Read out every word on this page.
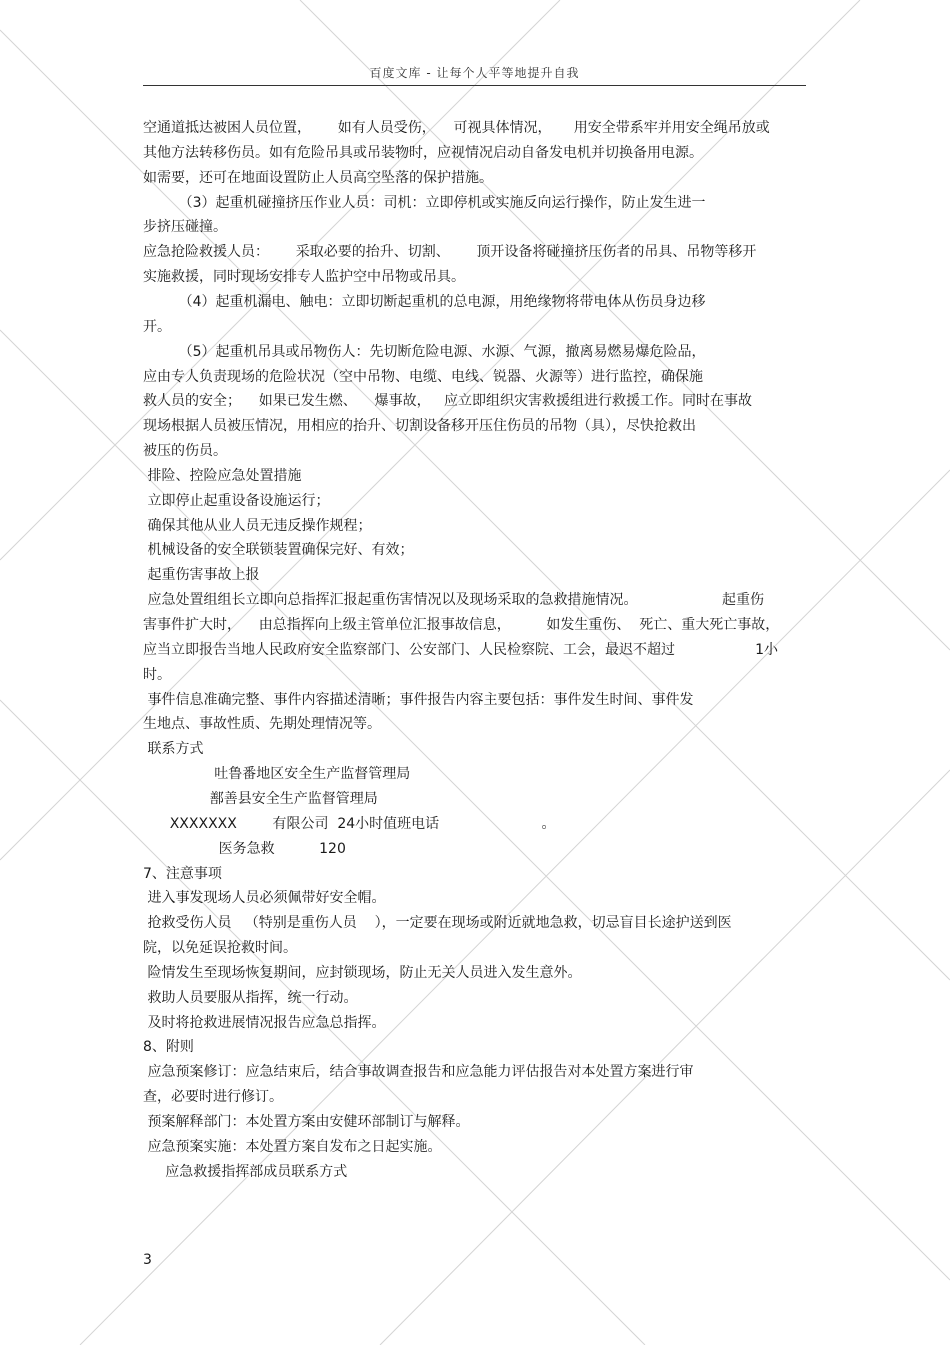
百度文库 - 让每个人平等地提升自我
空通道抵达被困人员位置，      如有人员受伤，    可视具体情况，     用安全带系牢并用安全绳吊放或
其他方法转移伤员。如有危险吊具或吊装物时，应视情况启动自备发电机并切换备用电源。
如需要，还可在地面设置防止人员高空坠落的保护措施。
（3）起重机碰撞挤压作业人员：司机：立即停机或实施反向运行操作，防止发生进一
步挤压碰撞。
应急抢险救援人员：      采取必要的抬升、切割、      顶开设备将碰撞挤压伤者的吊具、吊物等移开
实施救援，同时现场安排专人监护空中吊物或吊具。
（4）起重机漏电、触电：立即切断起重机的总电源，用绝缘物将带电体从伤员身边移
开。
（5）起重机吊具或吊物伤人：先切断危险电源、水源、气源，撤离易燃易爆危险品，
应由专人负责现场的危险状况（空中吊物、电缆、电线、锐器、火源等）进行监控，确保施
救人员的安全；    如果已发生燃、    爆事故，   应立即组织灾害救援组进行救援工作。同时在事故
现场根据人员被压情况，用相应的抬升、切割设备移开压住伤员的吊物（具），尽快抢救出
被压的伤员。
排险、控险应急处置措施
立即停止起重设备设施运行；
确保其他从业人员无违反操作规程；
机械设备的安全联锁装置确保完好、有效；
起重伤害事故上报
应急处置组组长立即向总指挥汇报起重伤害情况以及现场采取的急救措施情况。                   起重伤
害事件扩大时，    由总指挥向上级主管单位汇报事故信息，        如发生重伤、  死亡、重大死亡事故，
应当立即报告当地人民政府安全监察部门、公安部门、人民检察院、工会，最迟不超过                  1小
时。
事件信息准确完整、事件内容描述清晰；事件报告内容主要包括：事件发生时间、事件发
生地点、事故性质、先期处理情况等。
联系方式
吐鲁番地区安全生产监督管理局
鄯善县安全生产监督管理局
XXXXXXX        有限公司  24小时值班电话                       。
医务急救          120
7、注意事项
进入事发现场人员必须佩带好安全帽。
抢救受伤人员   （特别是重伤人员    ），一定要在现场或附近就地急救，切忌盲目长途护送到医
院，以免延误抢救时间。
险情发生至现场恢复期间，应封锁现场，防止无关人员进入发生意外。
救助人员要服从指挥，统一行动。
及时将抢救进展情况报告应急总指挥。
8、附则
应急预案修订：应急结束后，结合事故调查报告和应急能力评估报告对本处置方案进行审
查，必要时进行修订。
预案解释部门：本处置方案由安健环部制订与解释。
应急预案实施：本处置方案自发布之日起实施。
应急救援指挥部成员联系方式
3
